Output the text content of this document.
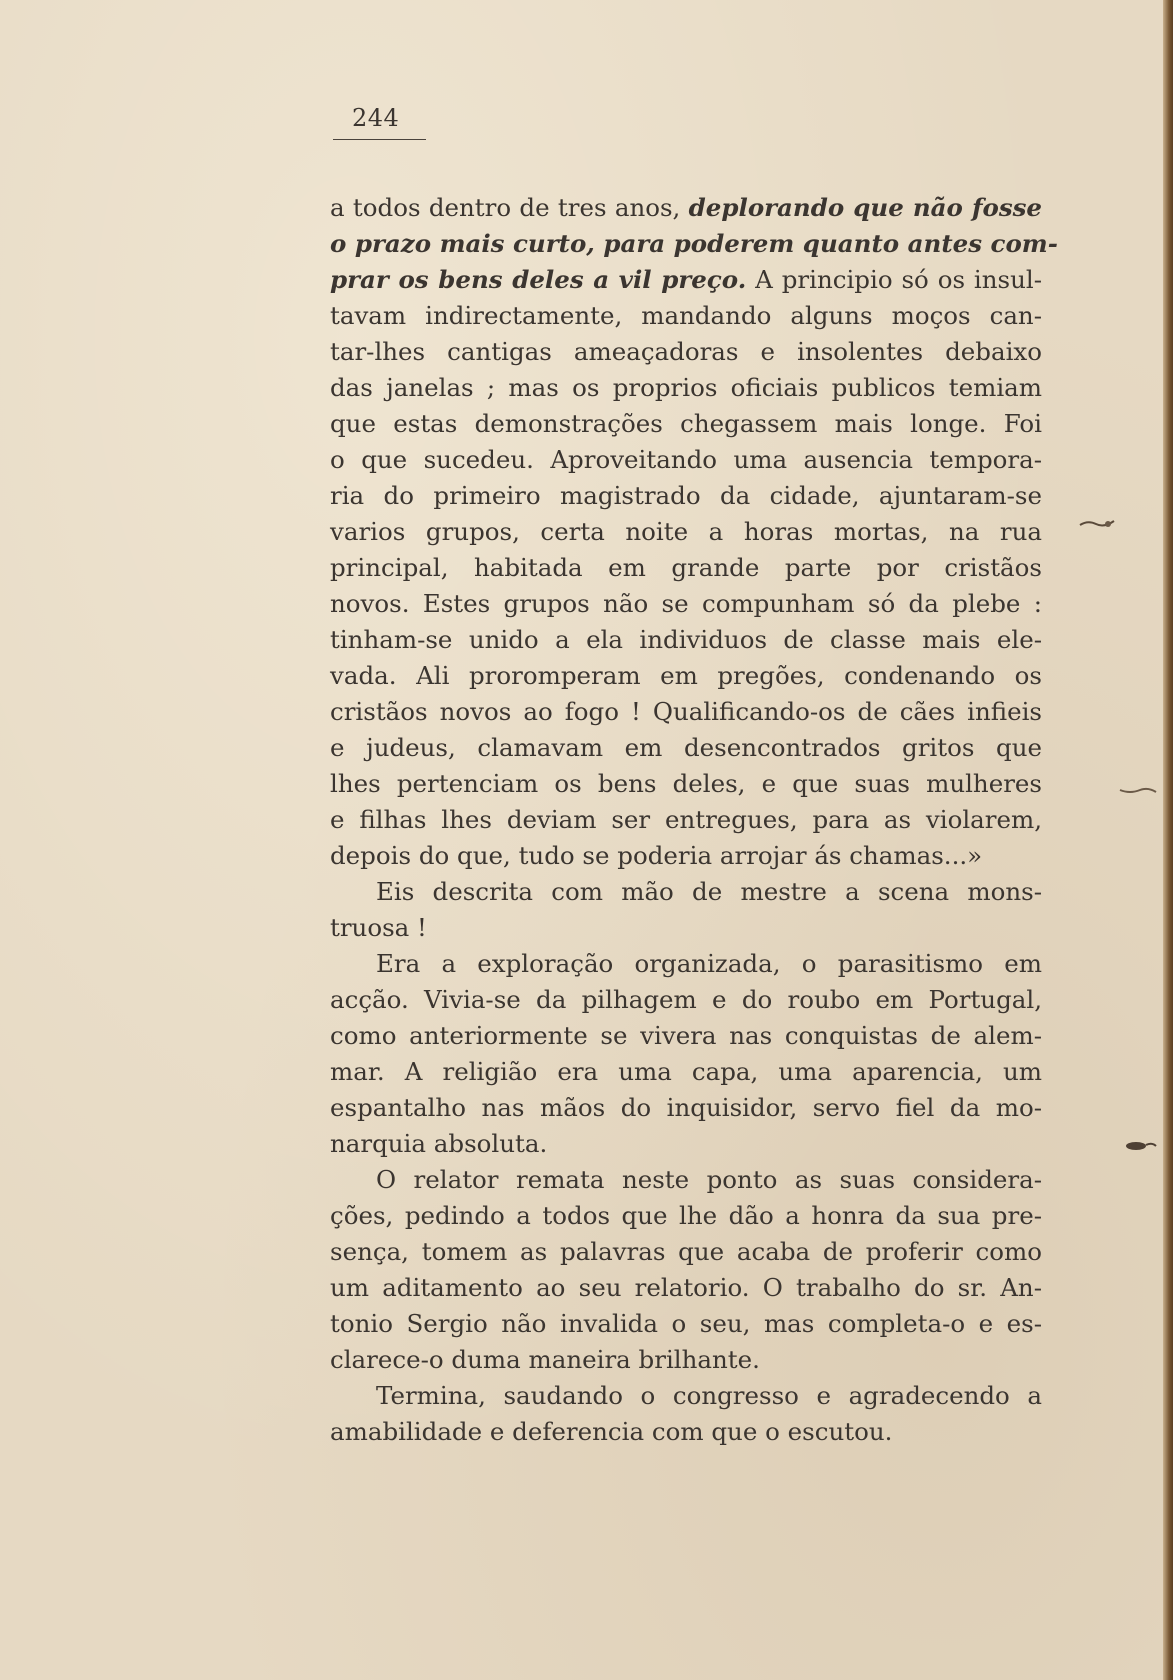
244
a todos dentro de tres anos, deplorando que não fosse
o prazo mais curto, para poderem quanto antes com-
prar os bens deles a vil preço. A principio só os insul-
tavam indirectamente, mandando alguns moços can-
tar-lhes cantigas ameaçadoras e insolentes debaixo
das janelas ; mas os proprios oficiais publicos temiam
que estas demonstrações chegassem mais longe. Foi
o que sucedeu. Aproveitando uma ausencia tempora-
ria do primeiro magistrado da cidade, ajuntaram-se
varios grupos, certa noite a horas mortas, na rua
principal, habitada em grande parte por cristãos
novos. Estes grupos não se compunham só da plebe :
tinham-se unido a ela individuos de classe mais ele-
vada. Ali proromperam em pregões, condenando os
cristãos novos ao fogo ! Qualificando-os de cães infieis
e judeus, clamavam em desencontrados gritos que
lhes pertenciam os bens deles, e que suas mulheres
e filhas lhes deviam ser entregues, para as violarem,
depois do que, tudo se poderia arrojar ás chamas...»
Eis descrita com mão de mestre a scena mons-
truosa !
Era a exploração organizada, o parasitismo em
acção. Vivia-se da pilhagem e do roubo em Portugal,
como anteriormente se vivera nas conquistas de alem-
mar. A religião era uma capa, uma aparencia, um
espantalho nas mãos do inquisidor, servo fiel da mo-
narquia absoluta.
O relator remata neste ponto as suas considera-
ções, pedindo a todos que lhe dão a honra da sua pre-
sença, tomem as palavras que acaba de proferir como
um aditamento ao seu relatorio. O trabalho do sr. An-
tonio Sergio não invalida o seu, mas completa-o e es-
clarece-o duma maneira brilhante.
Termina, saudando o congresso e agradecendo a
amabilidade e deferencia com que o escutou.
